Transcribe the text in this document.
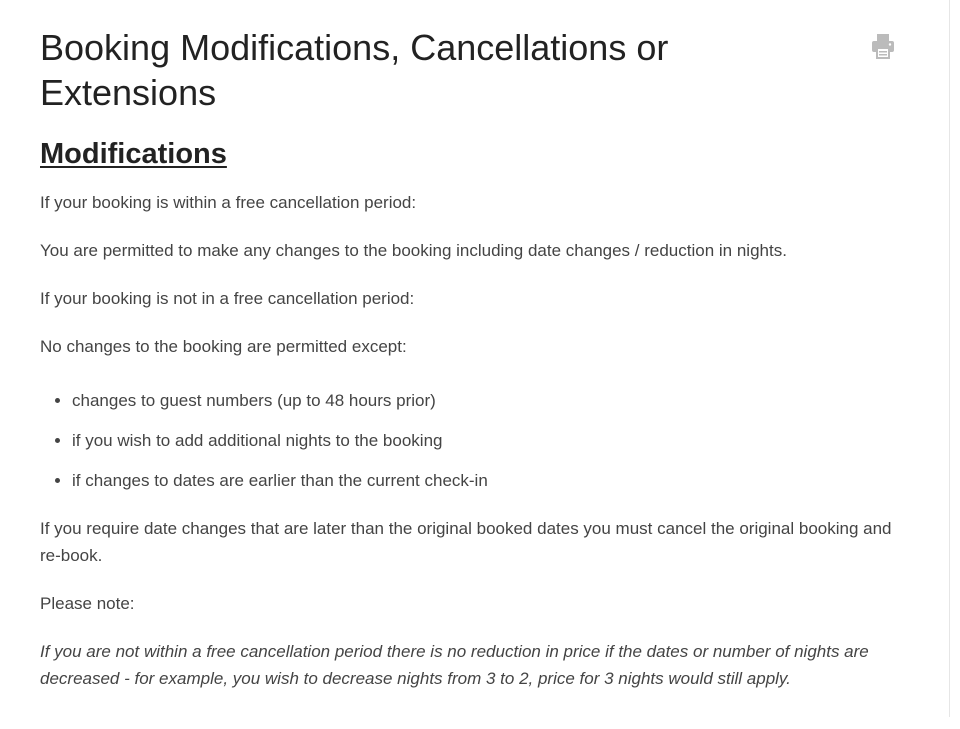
Booking Modifications, Cancellations or Extensions
Modifications

If your booking is within a free cancellation period:

You are permitted to make any changes to the booking including date changes / reduction in nights.

If your booking is not in a free cancellation period:

No changes to the booking are permitted except:

• changes to guest numbers (up to 48 hours prior)
• if you wish to add additional nights to the booking
• if changes to dates are earlier than the current check-in

If you require date changes that are later than the original booked dates you must cancel the original booking and re-book.

Please note:

If you are not within a free cancellation period there is no reduction in price if the dates or number of nights are decreased - for example, you wish to decrease nights from 3 to 2, price for 3 nights would still apply.
